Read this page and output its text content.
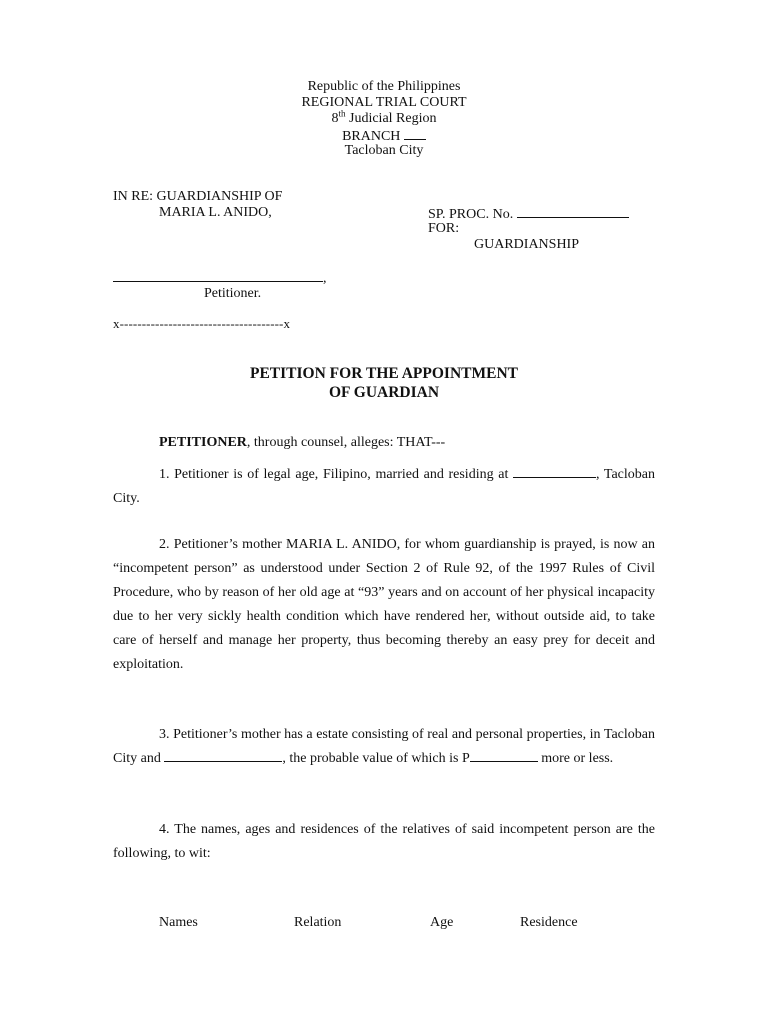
Republic of the Philippines
REGIONAL TRIAL COURT
8th Judicial Region
BRANCH
Tacloban City
IN RE: GUARDIANSHIP OF
MARIA L. ANIDO,	SP. PROC. No.
FOR:
GUARDIANSHIP
,
Petitioner.
x-------------------------------------x
PETITION FOR THE APPOINTMENT
OF GUARDIAN
PETITIONER, through counsel, alleges: THAT---
1. Petitioner is of legal age, Filipino, married and residing at	, Tacloban City.
2. Petitioner’s mother MARIA L. ANIDO, for whom guardianship is prayed, is now an “incompetent person” as understood under Section 2 of Rule 92, of the 1997 Rules of Civil Procedure, who by reason of her old age at “93” years and on account of her physical incapacity due to her very sickly health condition which have rendered her, without outside aid, to take care of herself and manage her property, thus becoming thereby an easy prey for deceit and exploitation.
3. Petitioner’s mother has a estate consisting of real and personal properties, in Tacloban City and	, the probable value of which is P	more or less.
4. The names, ages and residences of the relatives of said incompetent person are the following, to wit:
Names	Relation	Age	Residence
